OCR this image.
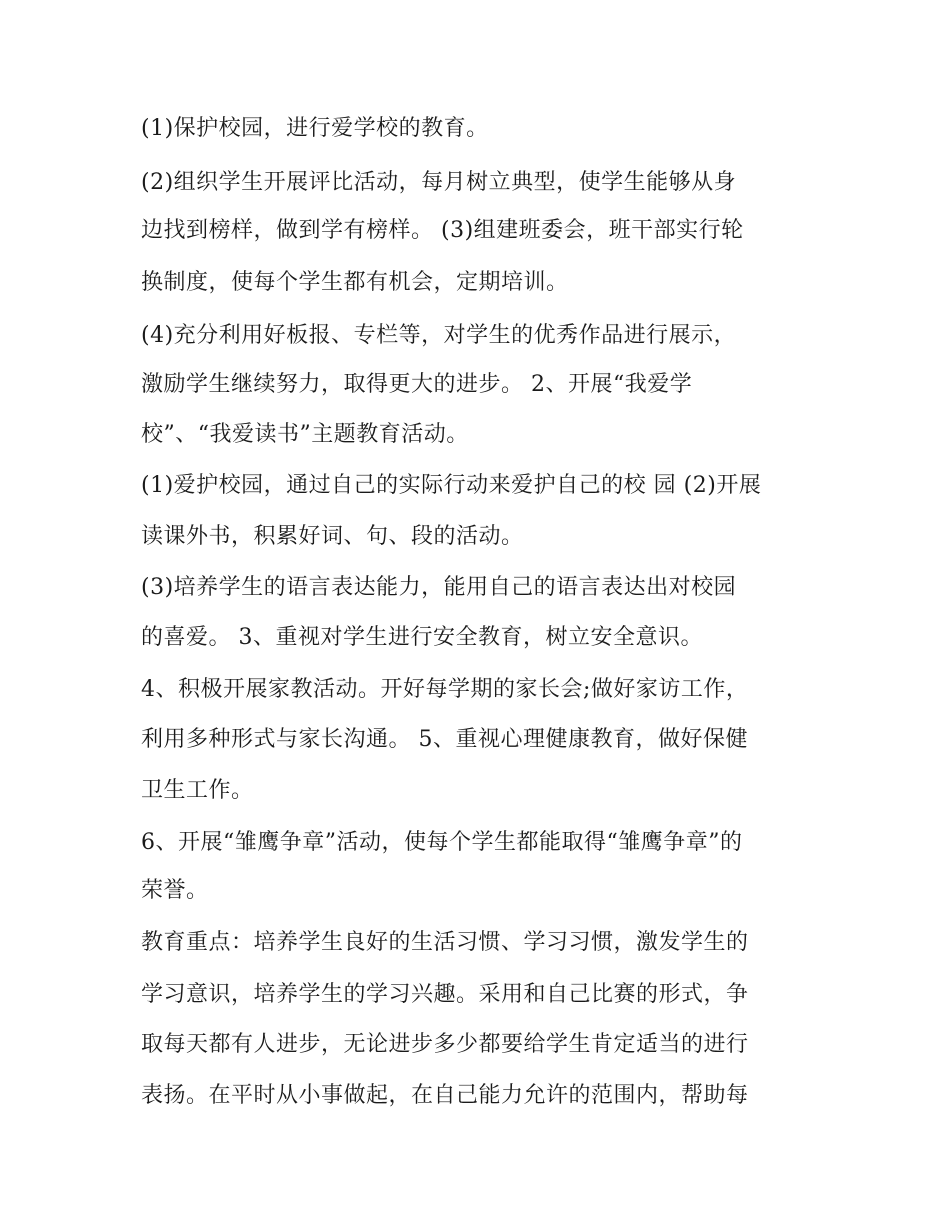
(1)保护校园，进行爱学校的教育。
(2)组织学生开展评比活动，每月树立典型，使学生能够从身
边找到榜样，做到学有榜样。 (3)组建班委会，班干部实行轮
换制度，使每个学生都有机会，定期培训。
(4)充分利用好板报、专栏等，对学生的优秀作品进行展示，
激励学生继续努力，取得更大的进步。 2、开展“我爱学
校”、“我爱读书”主题教育活动。
(1)爱护校园，通过自己的实际行动来爱护自己的校 园 (2)开展
读课外书，积累好词、句、段的活动。
(3)培养学生的语言表达能力，能用自己的语言表达出对校园
的喜爱。 3、重视对学生进行安全教育，树立安全意识。
4、积极开展家教活动。开好每学期的家长会;做好家访工作，
利用多种形式与家长沟通。 5、重视心理健康教育，做好保健
卫生工作。
6、开展“雏鹰争章”活动，使每个学生都能取得“雏鹰争章”的
荣誉。
教育重点：培养学生良好的生活习惯、学习习惯，激发学生的
学习意识，培养学生的学习兴趣。采用和自己比赛的形式，争
取每天都有人进步，无论进步多少都要给学生肯定适当的进行
表扬。在平时从小事做起，在自己能力允许的范围内，帮助每
